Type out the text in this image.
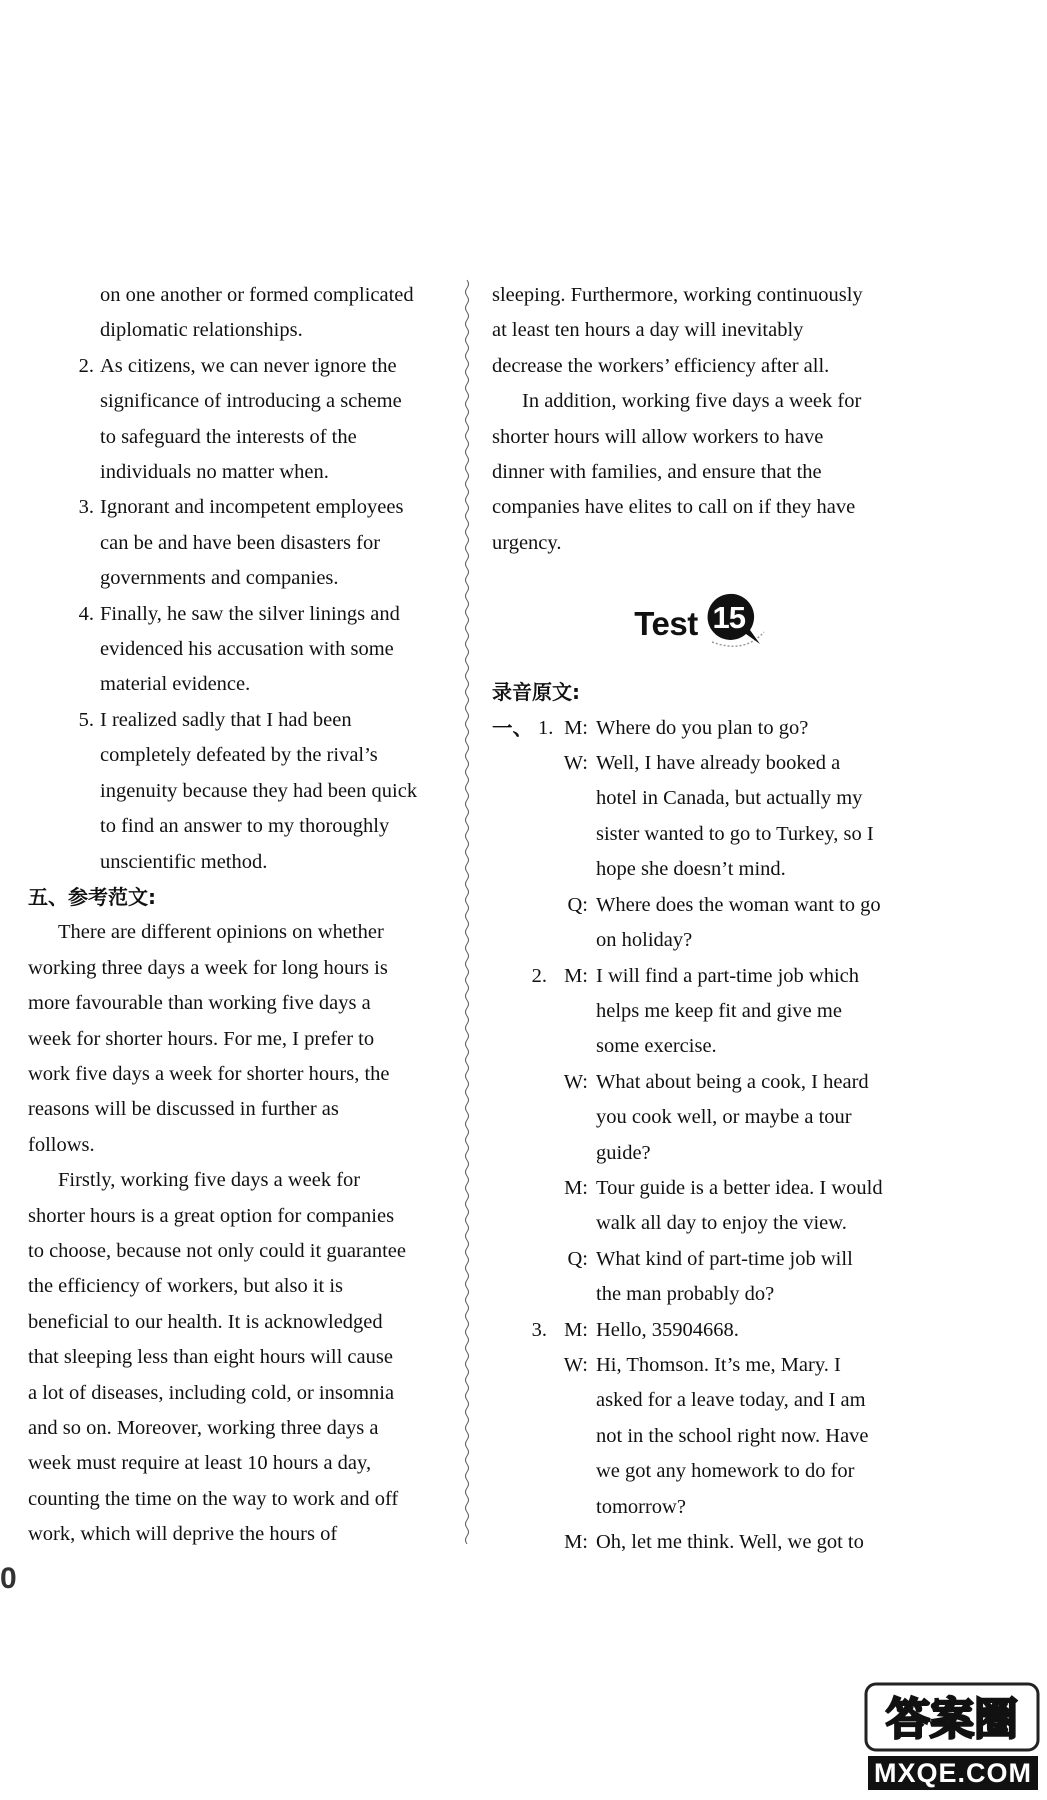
on one another or formed complicated

diplomatic relationships.

2. As citizens, we can never ignore the

significance of introducing a scheme

to safeguard the interests of the

individuals no matter when.

3. Ignorant and incompetent employees

can be and have been disasters for

governments and companies.

4. Finally, he saw the silver linings and

evidenced his accusation with some

material evidence.

5. I realized sadly that I had been

completely defeated by the rival’s

ingenuity because they had been quick

to find an answer to my thoroughly

unscientific method.

五、参考范文:

There are different opinions on whether

working three days a week for long hours is

more favourable than working five days a

week for shorter hours. For me, I prefer to

work five days a week for shorter hours, the

reasons will be discussed in further as

follows.

Firstly, working five days a week for

shorter hours is a great option for companies

to choose, because not only could it guarantee

the efficiency of workers, but also it is

beneficial to our health. It is acknowledged

that sleeping less than eight hours will cause

a lot of diseases, including cold, or insomnia

and so on. Moreover, working three days a

week must require at least 10 hours a day,

counting the time on the way to work and off

work, which will deprive the hours of

sleeping. Furthermore, working continuously

at least ten hours a day will inevitably

decrease the workers’ efficiency after all.

In addition, working five days a week for

shorter hours will allow workers to have

dinner with families, and ensure that the

companies have elites to call on if they have

urgency.

Test 15

录音原文:

一、 1. M: Where do you plan to go?
W: Well, I have already booked a
hotel in Canada, but actually my
sister wanted to go to Turkey, so I
hope she doesn’t mind.
Q: Where does the woman want to go
on holiday?
2. M: I will find a part-time job which
helps me keep fit and give me
some exercise.
W: What about being a cook, I heard
you cook well, or maybe a tour
guide?
M: Tour guide is a better idea. I would
walk all day to enjoy the view.
Q: What kind of part-time job will
the man probably do?
3. M: Hello, 35904668.
W: Hi, Thomson. It’s me, Mary. I
asked for a leave today, and I am
not in the school right now. Have
we got any homework to do for
tomorrow?
M: Oh, let me think. Well, we got to
0
答案圈
MXQE.COM
